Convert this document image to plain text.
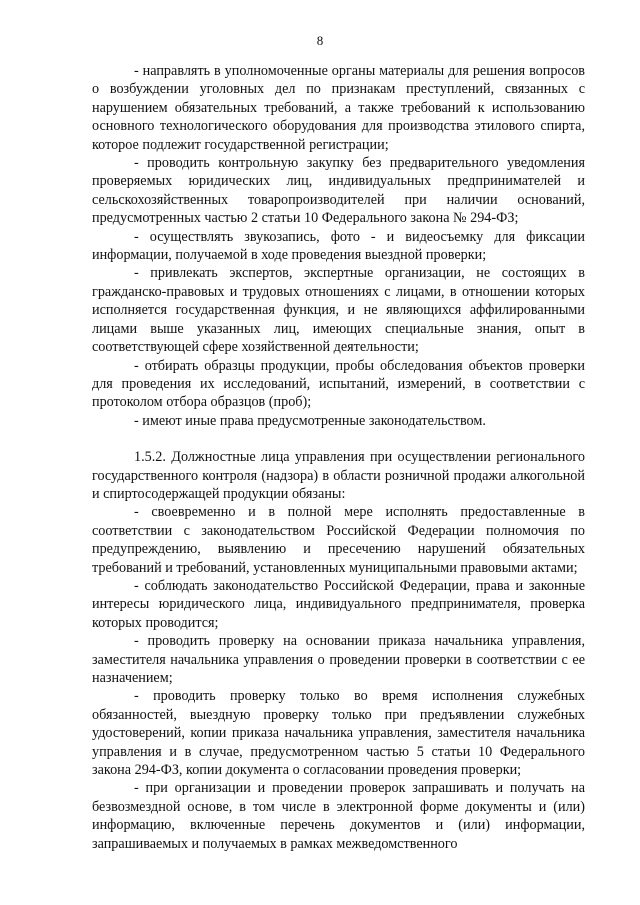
8

- направлять в уполномоченные органы материалы для решения вопросов о возбуждении уголовных дел по признакам преступлений, связанных с нарушением обязательных требований, а также требований к использованию основного технологического оборудования для производства этилового спирта, которое подлежит государственной регистрации;

- проводить контрольную закупку без предварительного уведомления проверяемых юридических лиц, индивидуальных предпринимателей и сельскохозяйственных товаропроизводителей при наличии оснований, предусмотренных частью 2 статьи 10 Федерального закона № 294-ФЗ;

- осуществлять звукозапись, фото - и видеосъемку для фиксации информации, получаемой в ходе проведения выездной проверки;

- привлекать экспертов, экспертные организации, не состоящих в гражданско-правовых и трудовых отношениях с лицами, в отношении которых исполняется государственная функция, и не являющихся аффилированными лицами выше указанных лиц, имеющих специальные знания, опыт в соответствующей сфере хозяйственной деятельности;

- отбирать образцы продукции, пробы обследования объектов проверки для проведения их исследований, испытаний, измерений, в соответствии с протоколом отбора образцов (проб);

- имеют иные права предусмотренные законодательством.

1.5.2. Должностные лица управления при осуществлении регионального государственного контроля (надзора) в области розничной продажи алкогольной и спиртосодержащей продукции обязаны:

- своевременно и в полной мере исполнять предоставленные в соответствии с законодательством Российской Федерации полномочия по предупреждению, выявлению и пресечению нарушений обязательных требований и требований, установленных муниципальными правовыми актами;

- соблюдать законодательство Российской Федерации, права и законные интересы юридического лица, индивидуального предпринимателя, проверка которых проводится;

- проводить проверку на основании приказа начальника управления, заместителя начальника управления о проведении проверки в соответствии с ее назначением;

- проводить проверку только во время исполнения служебных обязанностей, выездную проверку только при предъявлении служебных удостоверений, копии приказа начальника управления, заместителя начальника управления и в случае, предусмотренном частью 5 статьи 10 Федерального закона 294-ФЗ, копии документа о согласовании проведения проверки;

- при организации и проведении проверок запрашивать и получать на безвозмездной основе, в том числе в электронной форме документы и (или) информацию, включенные перечень документов и (или) информации, запрашиваемых и получаемых в рамках межведомственного
